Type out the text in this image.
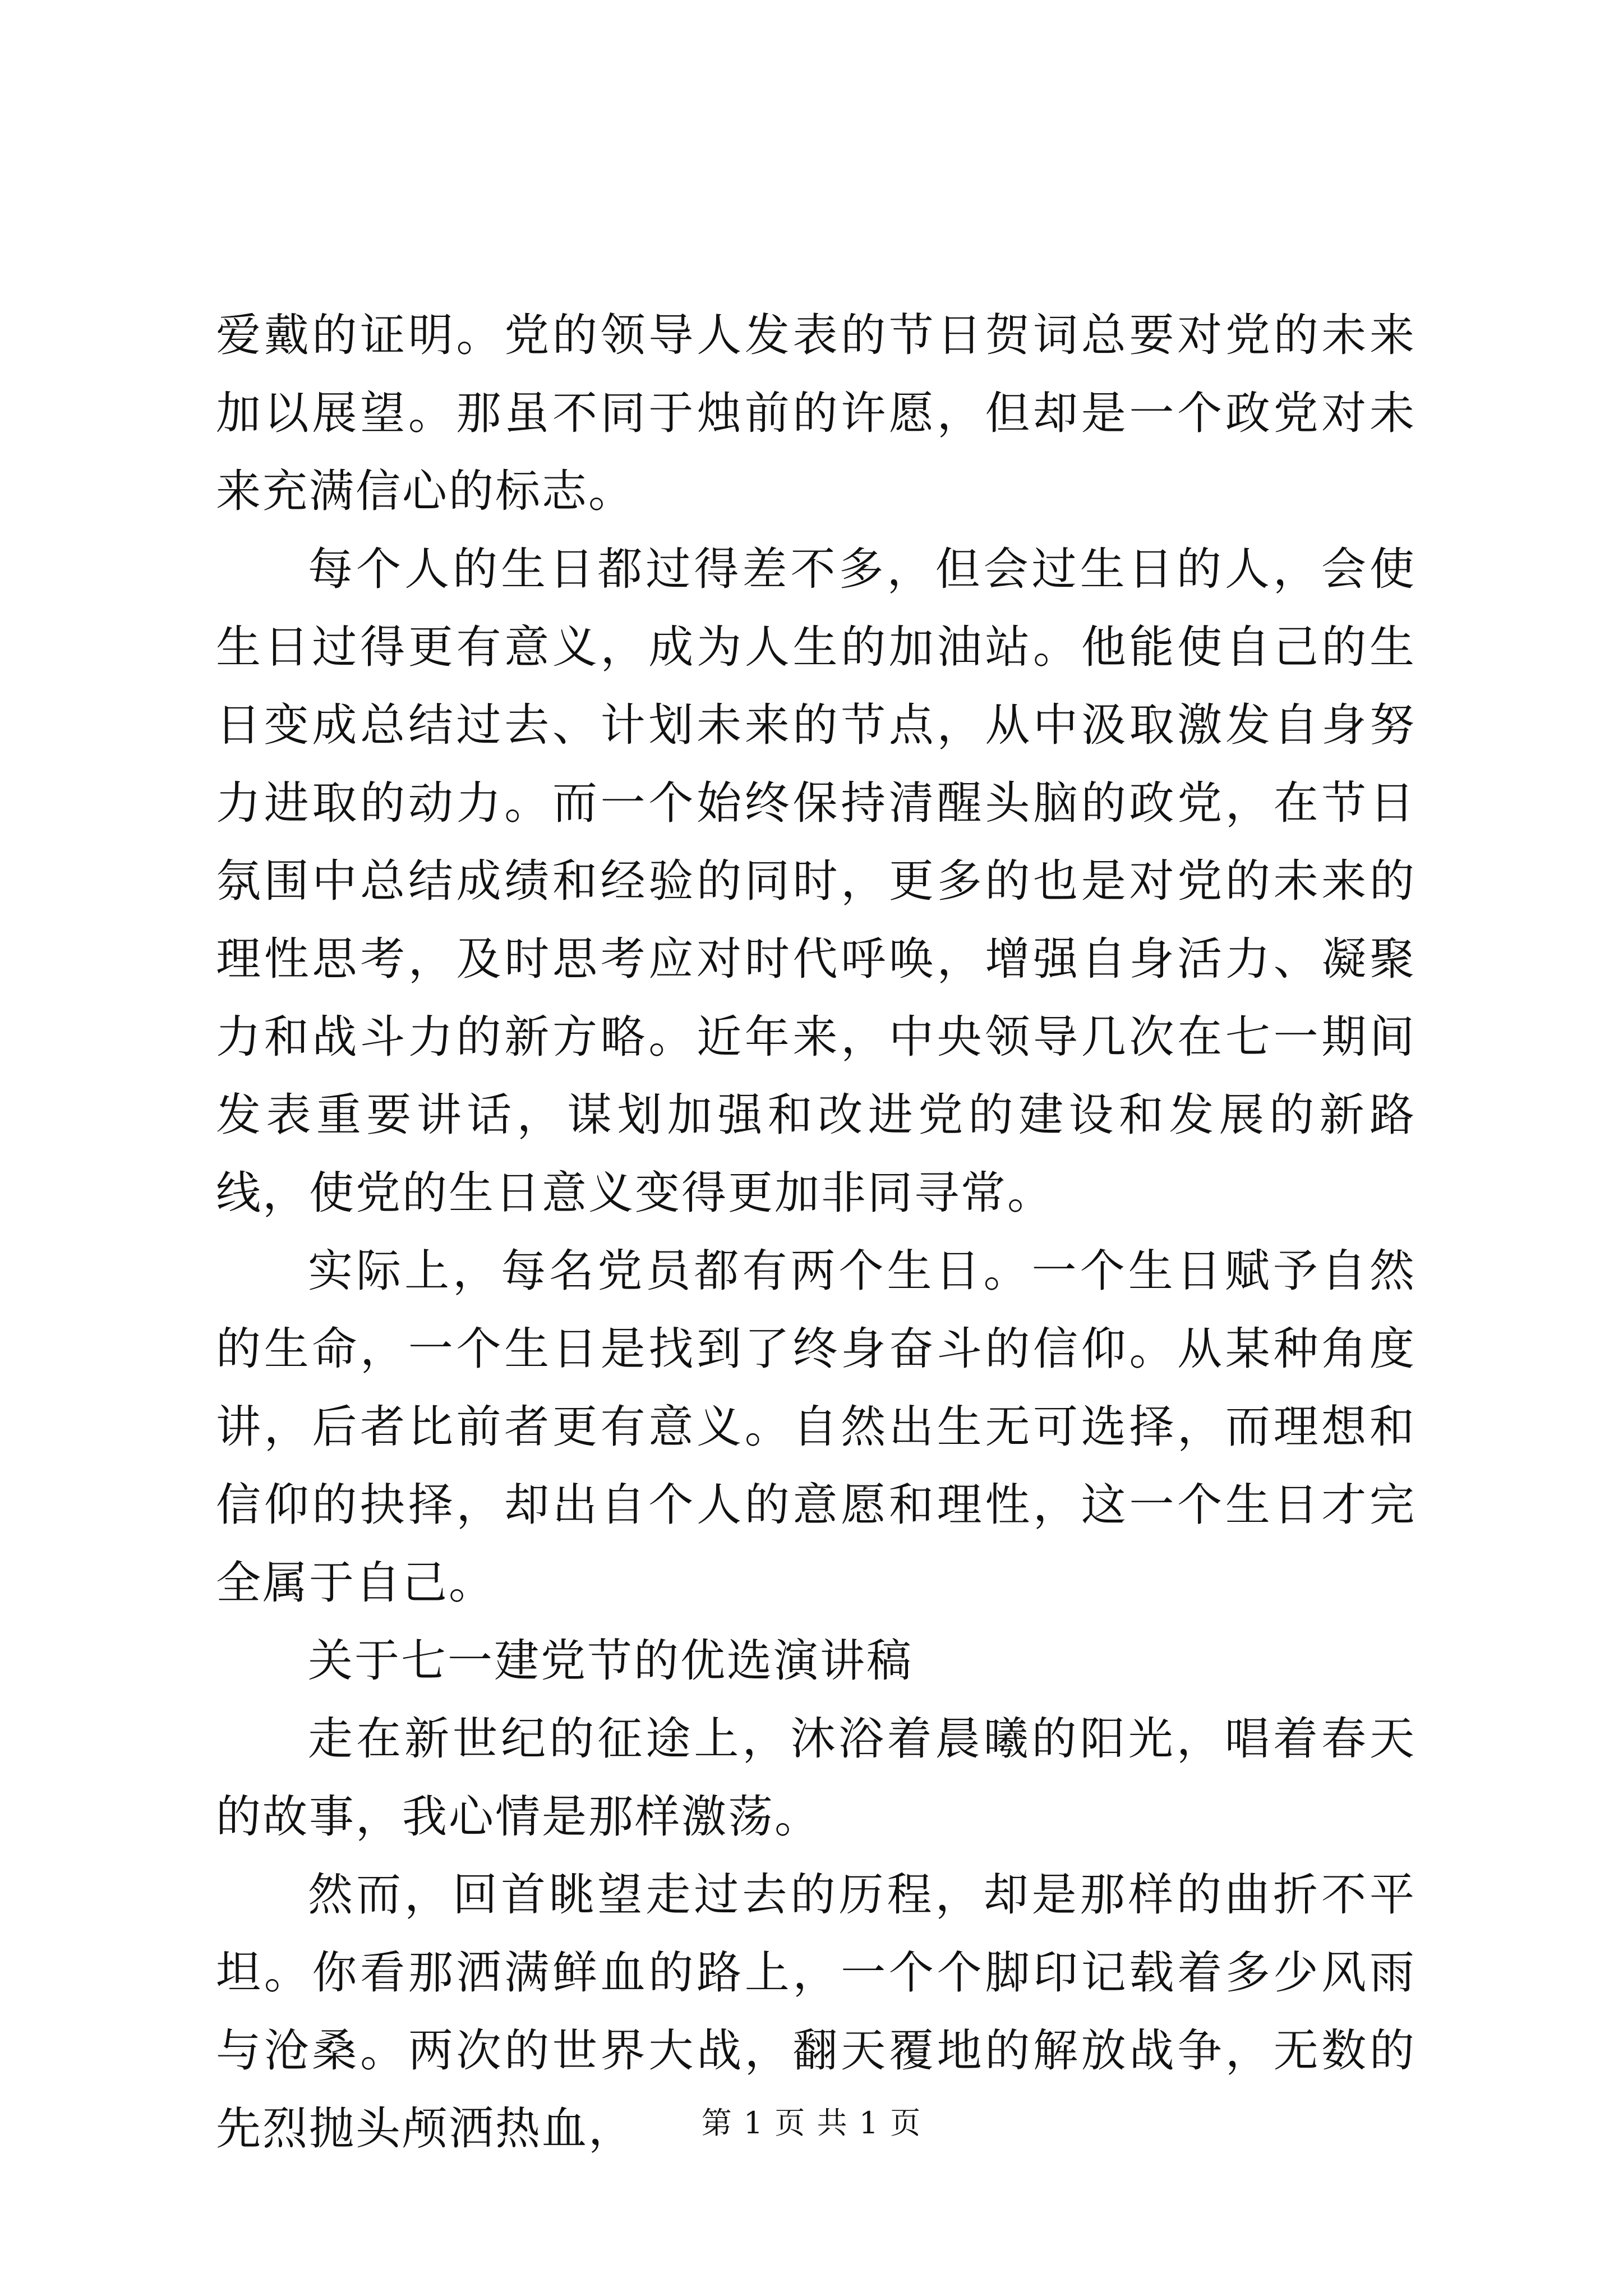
爱戴的证明。党的领导人发表的节日贺词总要对党的未来加以展望。那虽不同于烛前的许愿，但却是一个政党对未来充满信心的标志。

每个人的生日都过得差不多，但会过生日的人，会使生日过得更有意义，成为人生的加油站。他能使自己的生日变成总结过去、计划未来的节点，从中汲取激发自身努力进取的动力。而一个始终保持清醒头脑的政党，在节日氛围中总结成绩和经验的同时，更多的也是对党的未来的理性思考，及时思考应对时代呼唤，增强自身活力、凝聚力和战斗力的新方略。近年来，中央领导几次在七一期间发表重要讲话，谋划加强和改进党的建设和发展的新路线，使党的生日意义变得更加非同寻常。

实际上，每名党员都有两个生日。一个生日赋予自然的生命，一个生日是找到了终身奋斗的信仰。从某种角度讲，后者比前者更有意义。自然出生无可选择，而理想和信仰的抉择，却出自个人的意愿和理性，这一个生日才完全属于自己。

关于七一建党节的优选演讲稿

走在新世纪的征途上，沐浴着晨曦的阳光，唱着春天的故事，我心情是那样激荡。

然而，回首眺望走过去的历程，却是那样的曲折不平坦。你看那洒满鲜血的路上，一个个脚印记载着多少风雨与沧桑。两次的世界大战，翻天覆地的解放战争，无数的先烈抛头颅洒热血，	第 1 页 共 1 页
